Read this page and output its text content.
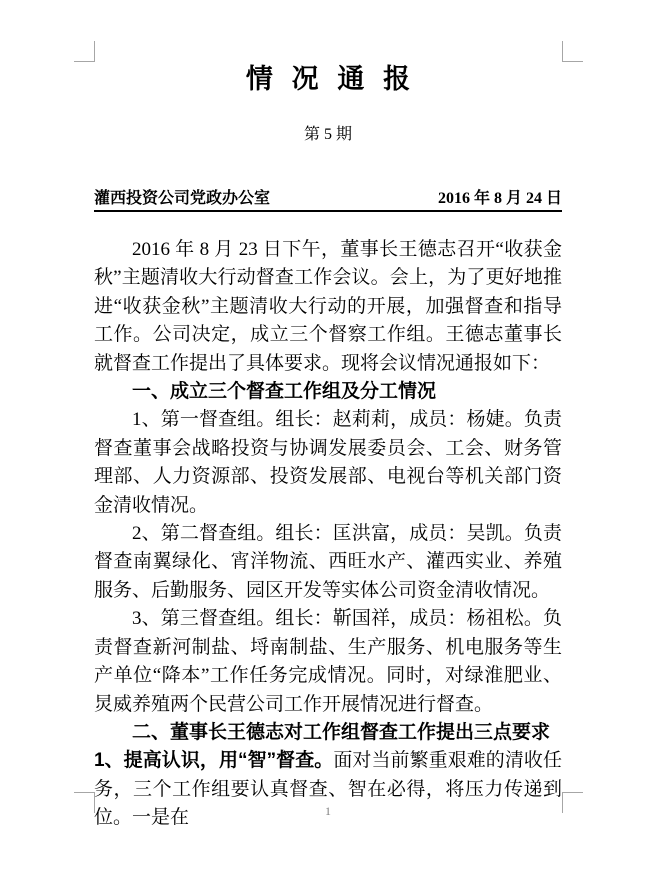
情 况 通 报
第 5 期
灌西投资公司党政办公室	2016 年 8 月 24 日

2016 年 8 月 23 日下午，董事长王德志召开“收获金秋”主题清收大行动督查工作会议。会上，为了更好地推进“收获金秋”主题清收大行动的开展，加强督查和指导工作。公司决定，成立三个督察工作组。王德志董事长就督查工作提出了具体要求。现将会议情况通报如下：

一、成立三个督查工作组及分工情况

1、第一督查组。组长：赵莉莉，成员：杨婕。负责督查董事会战略投资与协调发展委员会、工会、财务管理部、人力资源部、投资发展部、电视台等机关部门资金清收情况。

2、第二督查组。组长：匡洪富，成员：吴凯。负责督查南翼绿化、宵洋物流、西旺水产、灌西实业、养殖服务、后勤服务、园区开发等实体公司资金清收情况。

3、第三督查组。组长：靳国祥，成员：杨祖松。负责督查新河制盐、埒南制盐、生产服务、机电服务等生产单位“降本”工作任务完成情况。同时，对绿淮肥业、炅威养殖两个民营公司工作开展情况进行督查。

二、董事长王德志对工作组督查工作提出三点要求

1、提高认识，用“智”督查。面对当前繁重艰难的清收任务，三个工作组要认真督查、智在必得，将压力传递到位。一是在	1
